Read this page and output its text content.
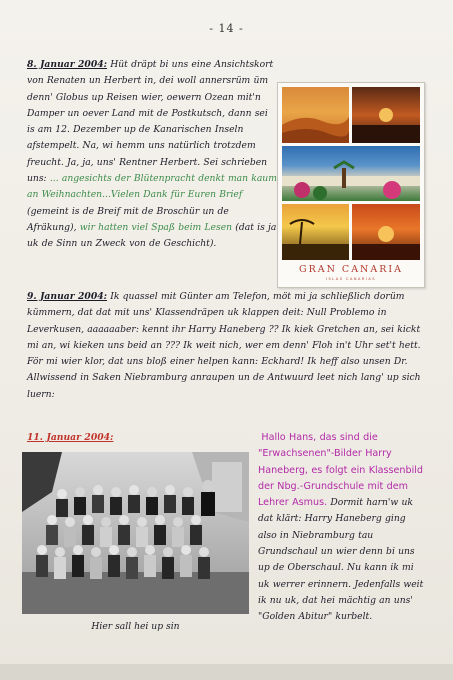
- 14 -
8. Januar 2004: Hüt dräpt bi uns eine Ansichtskort von Renaten un Herbert in, dei woll annersrüm üm denn' Globus up Reisen wier, oewern Ozean mit'n Damper un oever Land mit de Postkutsch, dann sei is am 12. Dezember up de Kanarischen Inseln afstempelt. Na, wi hemm uns natürlich trotzdem freucht. Ja, ja, uns' Rentner Herbert. Sei schrieben uns: ... angesichts der Blütenpracht denkt man kaum an Weihnachten...Vielen Dank für Euren Brief (gemeint is de Breif mit de Broschür un de Afräkung), wir hatten viel Spaß beim Lesen (dat is ja uk de Sinn un Zweck von de Geschicht).
GRAN CANARIA
ISLAS CANARIAS
9. Januar 2004: Ik quassel mit Günter am Telefon, möt mi ja schließlich dorüm kümmern, dat dat mit uns' Klassendräpen uk klappen deit: Null Problemo in Leverkusen, aaaaaaber: kennt ihr Harry Haneberg ?? Ik kiek Gretchen an, sei kickt mi an, wi kieken uns beid an ??? Ik weit nich, wer em denn' Floh in't Uhr set't hett. För mi wier klor, dat uns bloß einer helpen kann: Eckhard! Ik heff also unsen Dr. Allwissend in Saken Niebramburg anraupen un de Antwuurd leet nich lang' up sich luern:
11. Januar 2004:	Hallo Hans, das sind die "Erwachsenen"-Bilder Harry Haneberg, es folgt ein Klassenbild der Nbg.-Grundschule mit dem Lehrer Asmus. Dormit harn'w uk dat klärt: Harry Haneberg ging also in Niebramburg tau Grundschaul un wier denn bi uns up de Oberschaul. Nu kann ik mi uk werrer erinnern. Jedenfalls weit ik nu uk, dat hei mächtig an uns' "Golden Abitur" kurbelt.
Hier sall hei up sin
